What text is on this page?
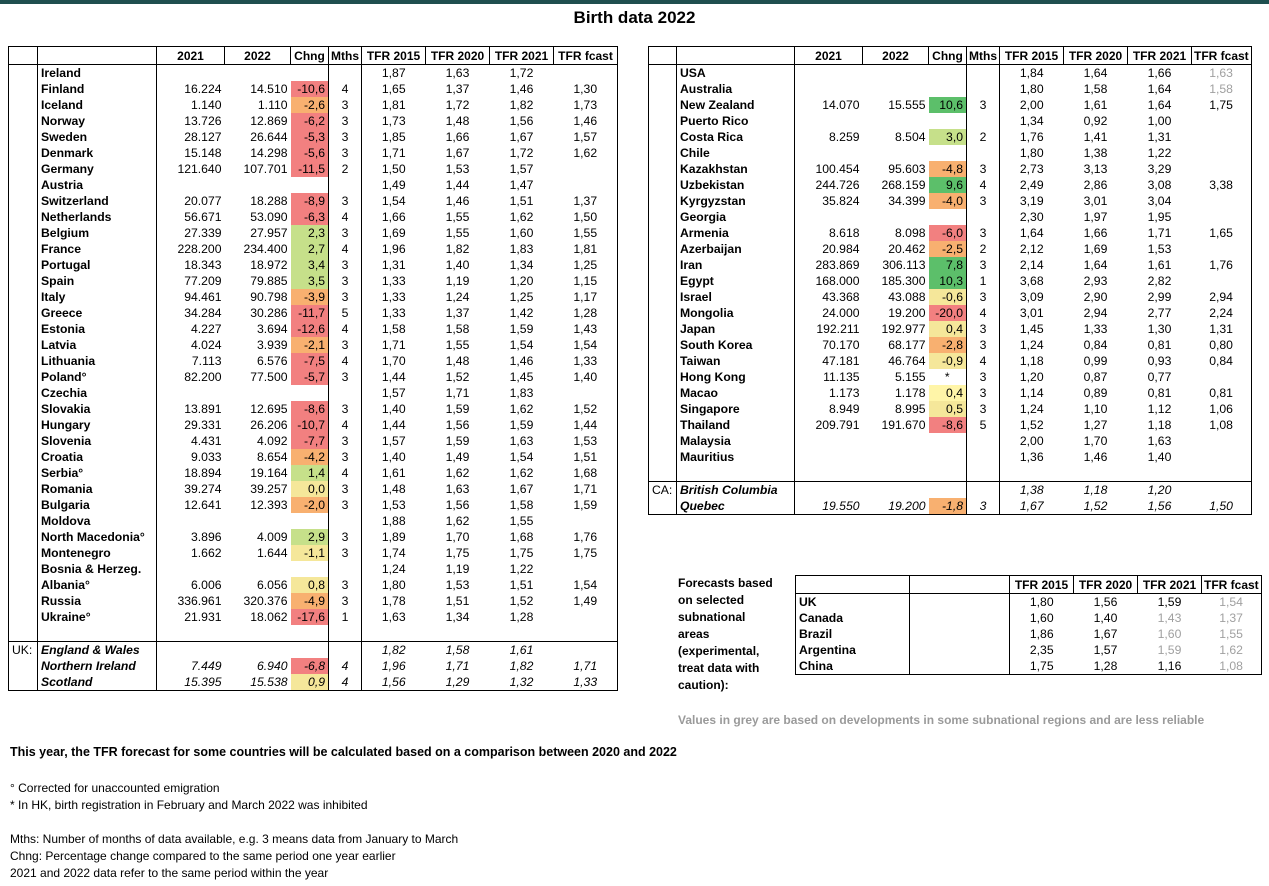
Birth data 2022
		2021	2022	Chng	Mths	TFR 2015	TFR 2020	TFR 2021	TFR fcast
	Ireland					1,87	1,63	1,72	
	Finland	16.224	14.510	-10,6	4	1,65	1,37	1,46	1,30
	Iceland	1.140	1.110	-2,6	3	1,81	1,72	1,82	1,73
	Norway	13.726	12.869	-6,2	3	1,73	1,48	1,56	1,46
	Sweden	28.127	26.644	-5,3	3	1,85	1,66	1,67	1,57
	Denmark	15.148	14.298	-5,6	3	1,71	1,67	1,72	1,62
	Germany	121.640	107.701	-11,5	2	1,50	1,53	1,57	
	Austria					1,49	1,44	1,47	
	Switzerland	20.077	18.288	-8,9	3	1,54	1,46	1,51	1,37
	Netherlands	56.671	53.090	-6,3	4	1,66	1,55	1,62	1,50
	Belgium	27.339	27.957	2,3	3	1,69	1,55	1,60	1,55
	France	228.200	234.400	2,7	4	1,96	1,82	1,83	1,81
	Portugal	18.343	18.972	3,4	3	1,31	1,40	1,34	1,25
	Spain	77.209	79.885	3,5	3	1,33	1,19	1,20	1,15
	Italy	94.461	90.798	-3,9	3	1,33	1,24	1,25	1,17
	Greece	34.284	30.286	-11,7	5	1,33	1,37	1,42	1,28
	Estonia	4.227	3.694	-12,6	4	1,58	1,58	1,59	1,43
	Latvia	4.024	3.939	-2,1	3	1,71	1,55	1,54	1,54
	Lithuania	7.113	6.576	-7,5	4	1,70	1,48	1,46	1,33
	Poland°	82.200	77.500	-5,7	3	1,44	1,52	1,45	1,40
	Czechia					1,57	1,71	1,83	
	Slovakia	13.891	12.695	-8,6	3	1,40	1,59	1,62	1,52
	Hungary	29.331	26.206	-10,7	4	1,44	1,56	1,59	1,44
	Slovenia	4.431	4.092	-7,7	3	1,57	1,59	1,63	1,53
	Croatia	9.033	8.654	-4,2	3	1,40	1,49	1,54	1,51
	Serbia°	18.894	19.164	1,4	4	1,61	1,62	1,62	1,68
	Romania	39.274	39.257	0,0	3	1,48	1,63	1,67	1,71
	Bulgaria	12.641	12.393	-2,0	3	1,53	1,56	1,58	1,59
	Moldova					1,88	1,62	1,55	
	North Macedonia°	3.896	4.009	2,9	3	1,89	1,70	1,68	1,76
	Montenegro	1.662	1.644	-1,1	3	1,74	1,75	1,75	1,75
	Bosnia & Herzeg.					1,24	1,19	1,22	
	Albania°	6.006	6.056	0,8	3	1,80	1,53	1,51	1,54
	Russia	336.961	320.376	-4,9	3	1,78	1,51	1,52	1,49
	Ukraine°	21.931	18.062	-17,6	1	1,63	1,34	1,28	

UK:	England & Wales					1,82	1,58	1,61	
	Northern Ireland	7.449	6.940	-6,8	4	1,96	1,71	1,82	1,71
	Scotland	15.395	15.538	0,9	4	1,56	1,29	1,32	1,33
		2021	2022	Chng	Mths	TFR 2015	TFR 2020	TFR 2021	TFR fcast
	USA					1,84	1,64	1,66	1,63
	Australia					1,80	1,58	1,64	1,58
	New Zealand	14.070	15.555	10,6	3	2,00	1,61	1,64	1,75
	Puerto Rico					1,34	0,92	1,00	
	Costa Rica	8.259	8.504	3,0	2	1,76	1,41	1,31	
	Chile					1,80	1,38	1,22	
	Kazakhstan	100.454	95.603	-4,8	3	2,73	3,13	3,29	
	Uzbekistan	244.726	268.159	9,6	4	2,49	2,86	3,08	3,38
	Kyrgyzstan	35.824	34.399	-4,0	3	3,19	3,01	3,04	
	Georgia					2,30	1,97	1,95	
	Armenia	8.618	8.098	-6,0	3	1,64	1,66	1,71	1,65
	Azerbaijan	20.984	20.462	-2,5	2	2,12	1,69	1,53	
	Iran	283.869	306.113	7,8	3	2,14	1,64	1,61	1,76
	Egypt	168.000	185.300	10,3	1	3,68	2,93	2,82	
	Israel	43.368	43.088	-0,6	3	3,09	2,90	2,99	2,94
	Mongolia	24.000	19.200	-20,0	4	3,01	2,94	2,77	2,24
	Japan	192.211	192.977	0,4	3	1,45	1,33	1,30	1,31
	South Korea	70.170	68.177	-2,8	3	1,24	0,84	0,81	0,80
	Taiwan	47.181	46.764	-0,9	4	1,18	0,99	0,93	0,84
	Hong Kong	11.135	5.155	*	3	1,20	0,87	0,77	
	Macao	1.173	1.178	0,4	3	1,14	0,89	0,81	0,81
	Singapore	8.949	8.995	0,5	3	1,24	1,10	1,12	1,06
	Thailand	209.791	191.670	-8,6	5	1,52	1,27	1,18	1,08
	Malaysia					2,00	1,70	1,63	
	Mauritius					1,36	1,46	1,40	

CA:	British Columbia					1,38	1,18	1,20	
	Quebec	19.550	19.200	-1,8	3	1,67	1,52	1,56	1,50
Forecasts based
on selected
subnational
areas
(experimental,
treat data with
caution):
		TFR 2015	TFR 2020	TFR 2021	TFR fcast
UK		1,80	1,56	1,59	1,54
Canada		1,60	1,40	1,43	1,37
Brazil		1,86	1,67	1,60	1,55
Argentina		2,35	1,57	1,59	1,62
China		1,75	1,28	1,16	1,08
Values in grey are based on developments in some subnational regions and are less reliable
This year, the TFR forecast for some countries will be calculated based on a comparison between 2020 and 2022
° Corrected for unaccounted emigration
* In HK, birth registration in February and March 2022 was inhibited
Mths: Number of months of data available, e.g. 3 means data from January to March
Chng: Percentage change compared to the same period one year earlier
2021 and 2022 data refer to the same period within the year
